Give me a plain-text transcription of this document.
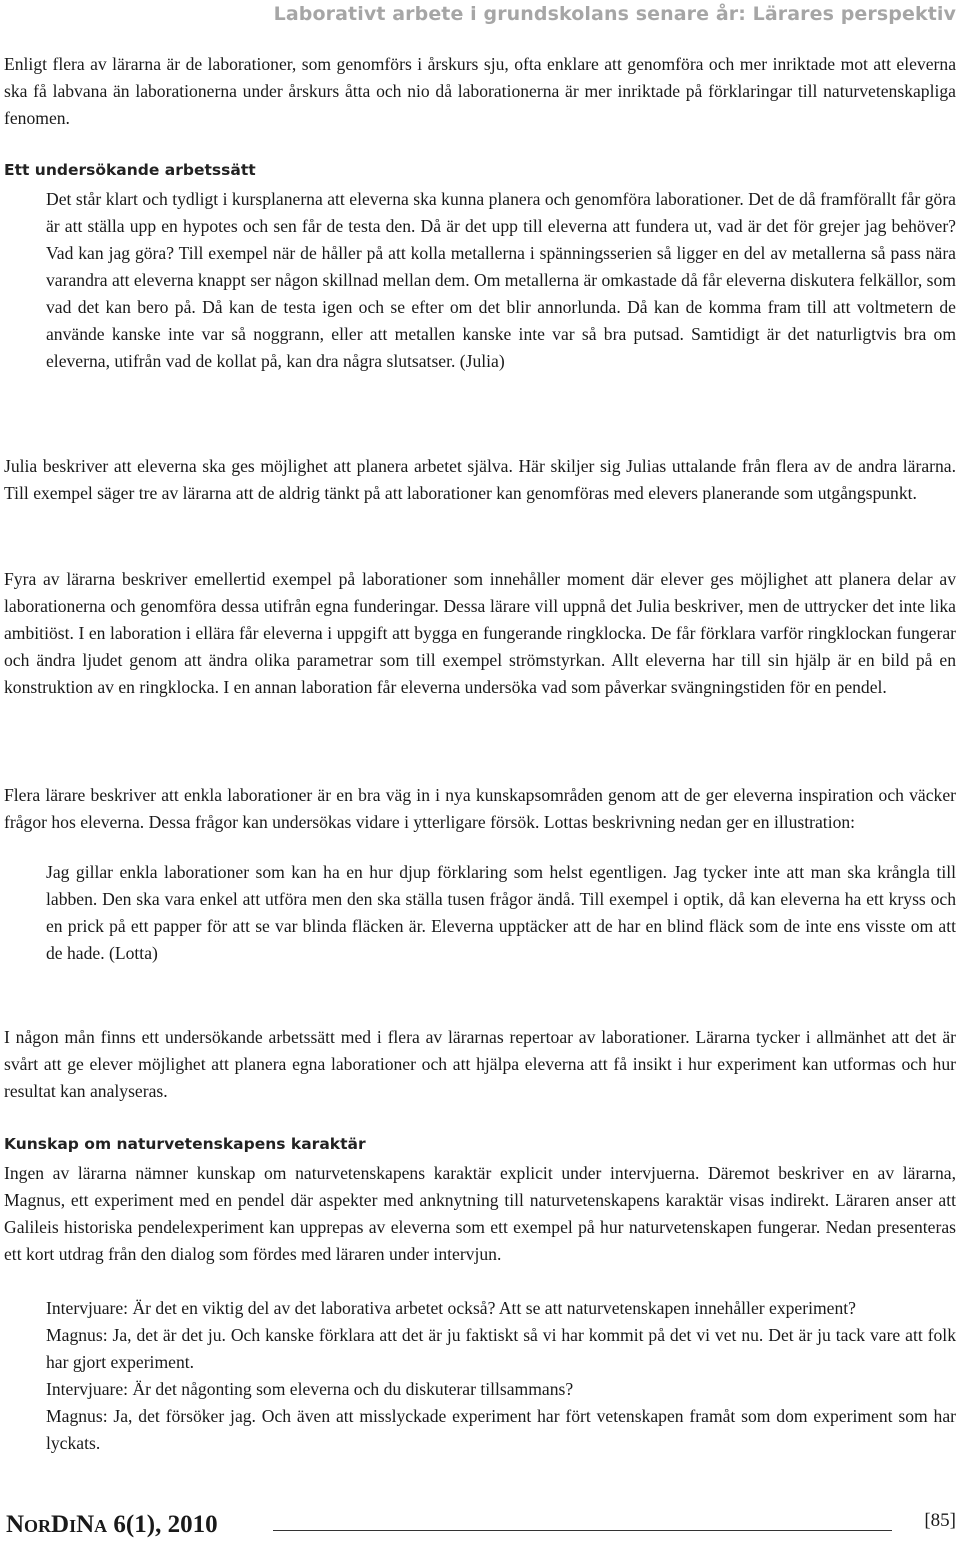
Laborativt arbete i grundskolans senare år: Lärares perspektiv

Enligt flera av lärarna är de laborationer, som genomförs i årskurs sju, ofta enklare att genomföra och mer inriktade mot att eleverna ska få labvana än laborationerna under årskurs åtta och nio då laborationerna är mer inriktade på förklaringar till naturvetenskapliga fenomen.

Ett undersökande arbetssätt

Det står klart och tydligt i kursplanerna att eleverna ska kunna planera och genomföra laborationer. Det de då framförallt får göra är att ställa upp en hypotes och sen får de testa den. Då är det upp till eleverna att fundera ut, vad är det för grejer jag behöver? Vad kan jag göra? Till exempel när de håller på att kolla metallerna i spänningsserien så ligger en del av metallerna så pass nära varandra att eleverna knappt ser någon skillnad mellan dem. Om metallerna är omkastade då får eleverna diskutera felkällor, som vad det kan bero på. Då kan de testa igen och se efter om det blir annorlunda. Då kan de komma fram till att voltmetern de använde kanske inte var så noggrann, eller att metallen kanske inte var så bra putsad. Samtidigt är det naturligtvis bra om eleverna, utifrån vad de kollat på, kan dra några slutsatser. (Julia)

Julia beskriver att eleverna ska ges möjlighet att planera arbetet själva. Här skiljer sig Julias uttalande från flera av de andra lärarna. Till exempel säger tre av lärarna att de aldrig tänkt på att laborationer kan genomföras med elevers planerande som utgångspunkt.

Fyra av lärarna beskriver emellertid exempel på laborationer som innehåller moment där elever ges möjlighet att planera delar av laborationerna och genomföra dessa utifrån egna funderingar. Dessa lärare vill uppnå det Julia beskriver, men de uttrycker det inte lika ambitiöst. I en laboration i ellära får eleverna i uppgift att bygga en fungerande ringklocka. De får förklara varför ringklockan fungerar och ändra ljudet genom att ändra olika parametrar som till exempel strömstyrkan. Allt eleverna har till sin hjälp är en bild på en konstruktion av en ringklocka. I en annan laboration får eleverna undersöka vad som påverkar svängningstiden för en pendel.

Flera lärare beskriver att enkla laborationer är en bra väg in i nya kunskapsområden genom att de ger eleverna inspiration och väcker frågor hos eleverna. Dessa frågor kan undersökas vidare i ytterligare försök. Lottas beskrivning nedan ger en illustration:

Jag gillar enkla laborationer som kan ha en hur djup förklaring som helst egentligen. Jag tycker inte att man ska krångla till labben. Den ska vara enkel att utföra men den ska ställa tusen frågor ändå. Till exempel i optik, då kan eleverna ha ett kryss och en prick på ett papper för att se var blinda fläcken är. Eleverna upptäcker att de har en blind fläck som de inte ens visste om att de hade. (Lotta)

I någon mån finns ett undersökande arbetssätt med i flera av lärarnas repertoar av laborationer. Lärarna tycker i allmänhet att det är svårt att ge elever möjlighet att planera egna laborationer och att hjälpa eleverna att få insikt i hur experiment kan utformas och hur resultat kan analyseras.

Kunskap om naturvetenskapens karaktär

Ingen av lärarna nämner kunskap om naturvetenskapens karaktär explicit under intervjuerna. Däremot beskriver en av lärarna, Magnus, ett experiment med en pendel där aspekter med anknytning till naturvetenskapens karaktär visas indirekt. Läraren anser att Galileis historiska pendelexperiment kan upprepas av eleverna som ett exempel på hur naturvetenskapen fungerar. Nedan presenteras ett kort utdrag från den dialog som fördes med läraren under intervjun.

Intervjuare: Är det en viktig del av det laborativa arbetet också? Att se att naturvetenskapen innehåller experiment?

Magnus: Ja, det är det ju. Och kanske förklara att det är ju faktiskt så vi har kommit på det vi vet nu. Det är ju tack vare att folk har gjort experiment.

Intervjuare: Är det någonting som eleverna och du diskuterar tillsammans?

Magnus: Ja, det försöker jag. Och även att misslyckade experiment har fört vetenskapen framåt som dom experiment som har lyckats.

NorDiNa 6(1), 2010	[85]
